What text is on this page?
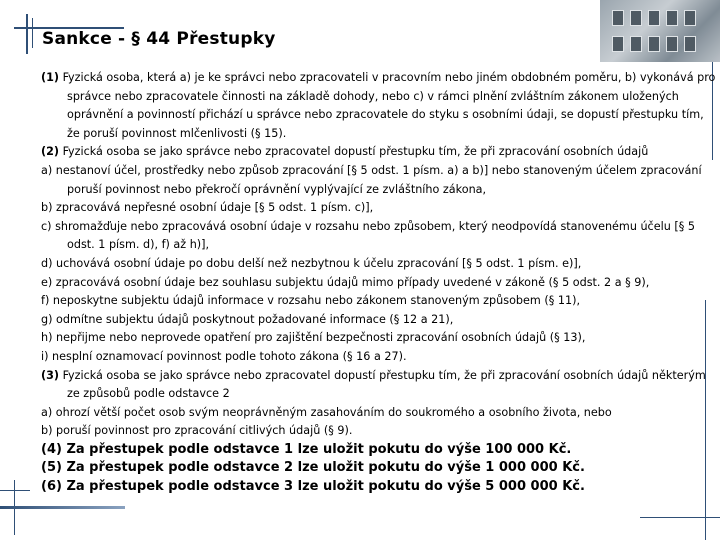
Sankce - § 44 Přestupky

(1) Fyzická osoba, která a) je ke správci nebo zpracovateli v pracovním nebo jiném obdobném poměru, b) vykonává pro správce nebo zpracovatele činnosti na základě dohody, nebo c) v rámci plnění zvláštním zákonem uložených oprávnění a povinností přichází u správce nebo zpracovatele do styku s osobními údaji, se dopustí přestupku tím, že poruší povinnost mlčenlivosti (§ 15).

(2) Fyzická osoba se jako správce nebo zpracovatel dopustí přestupku tím, že při zpracování osobních údajů

a) nestanoví účel, prostředky nebo způsob zpracování [§ 5 odst. 1 písm. a) a b)] nebo stanoveným účelem zpracování poruší povinnost nebo překročí oprávnění vyplývající ze zvláštního zákona,

b) zpracovává nepřesné osobní údaje [§ 5 odst. 1 písm. c)],

c) shromažďuje nebo zpracovává osobní údaje v rozsahu nebo způsobem, který neodpovídá stanovenému účelu [§ 5 odst. 1 písm. d), f) až h)],

d) uchovává osobní údaje po dobu delší než nezbytnou k účelu zpracování [§ 5 odst. 1 písm. e)],

e) zpracovává osobní údaje bez souhlasu subjektu údajů mimo případy uvedené v zákoně (§ 5 odst. 2 a § 9),

f) neposkytne subjektu údajů informace v rozsahu nebo zákonem stanoveným způsobem (§ 11),

g) odmítne subjektu údajů poskytnout požadované informace (§ 12 a 21),

h) nepřijme nebo neprovede opatření pro zajištění bezpečnosti zpracování osobních údajů (§ 13),

i) nesplní oznamovací povinnost podle tohoto zákona (§ 16 a 27).

(3) Fyzická osoba se jako správce nebo zpracovatel dopustí přestupku tím, že při zpracování osobních údajů některým ze způsobů podle odstavce 2

a) ohrozí větší počet osob svým neoprávněným zasahováním do soukromého a osobního života, nebo

b) poruší povinnost pro zpracování citlivých údajů (§ 9).

(4) Za přestupek podle odstavce 1 lze uložit pokutu do výše 100 000 Kč.

(5) Za přestupek podle odstavce 2 lze uložit pokutu do výše 1 000 000 Kč.

(6) Za přestupek podle odstavce 3 lze uložit pokutu do výše 5 000 000 Kč.
